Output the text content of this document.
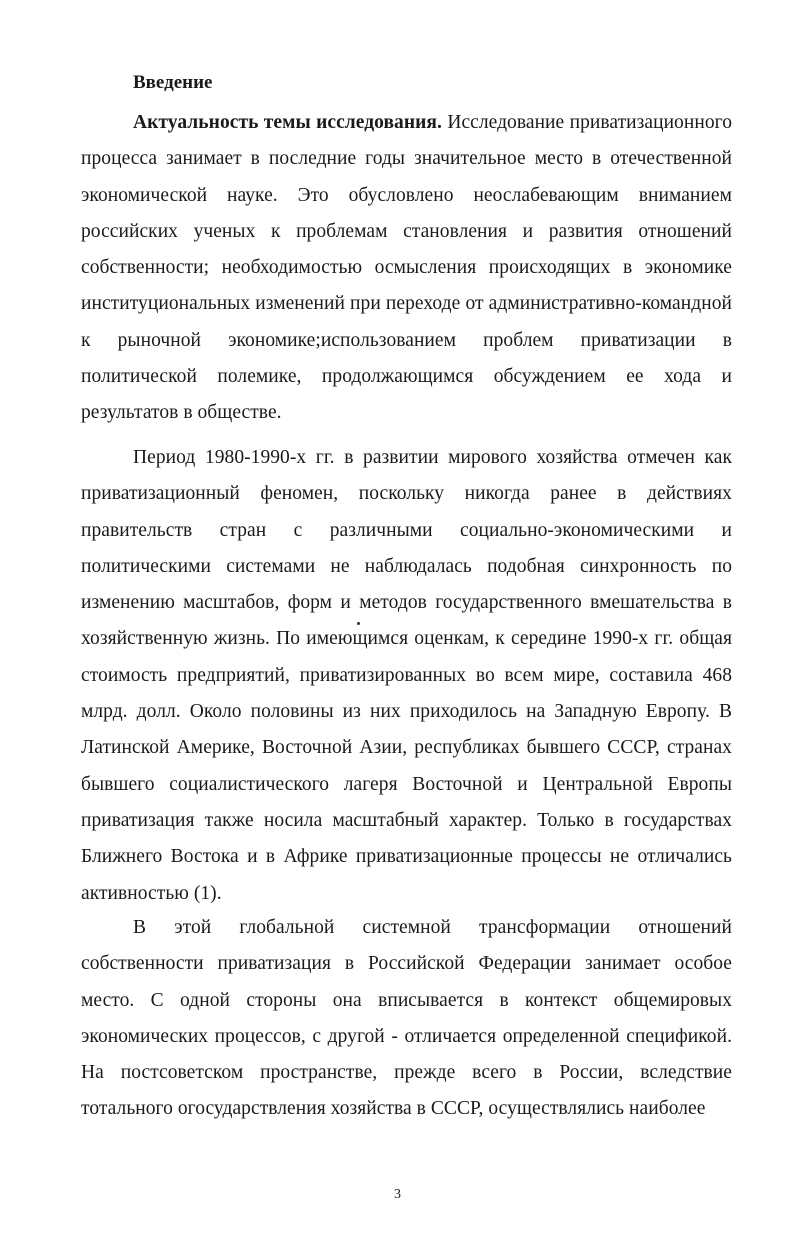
Введение

Актуальность темы исследования. Исследование приватизационного процесса занимает в последние годы значительное место в отечественной экономической науке. Это обусловлено неослабевающим вниманием российских ученых к проблемам становления и развития отношений собственности; необходимостью осмысления происходящих в экономике институциональных изменений при переходе от административно-командной к рыночной экономике;использованием проблем приватизации в политической полемике, продолжающимся обсуждением ее хода и результатов в обществе.

Период 1980-1990-х гг. в развитии мирового хозяйства отмечен как приватизационный феномен, поскольку никогда ранее в действиях правительств стран с различными социально-экономическими и политическими системами не наблюдалась подобная синхронность по изменению масштабов, форм и методов государственного вмешательства в хозяйственную жизнь. По имеющимся оценкам, к середине 1990-х гг. общая стоимость предприятий, приватизированных во всем мире, составила 468 млрд. долл. Около половины из них приходилось на Западную Европу. В Латинской Америке, Восточной Азии, республиках бывшего СССР, странах бывшего социалистического лагеря Восточной и Центральной Европы приватизация также носила масштабный характер. Только в государствах Ближнего Востока и в Африке приватизационные процессы не отличались активностью (1).

В этой глобальной системной трансформации отношений собственности приватизация в Российской Федерации занимает особое место. С одной стороны она вписывается в контекст общемировых экономических процессов, с другой - отличается определенной спецификой. На постсоветском пространстве, прежде всего в России, вследствие тотального огосударствления хозяйства в СССР, осуществлялись наиболее

3
